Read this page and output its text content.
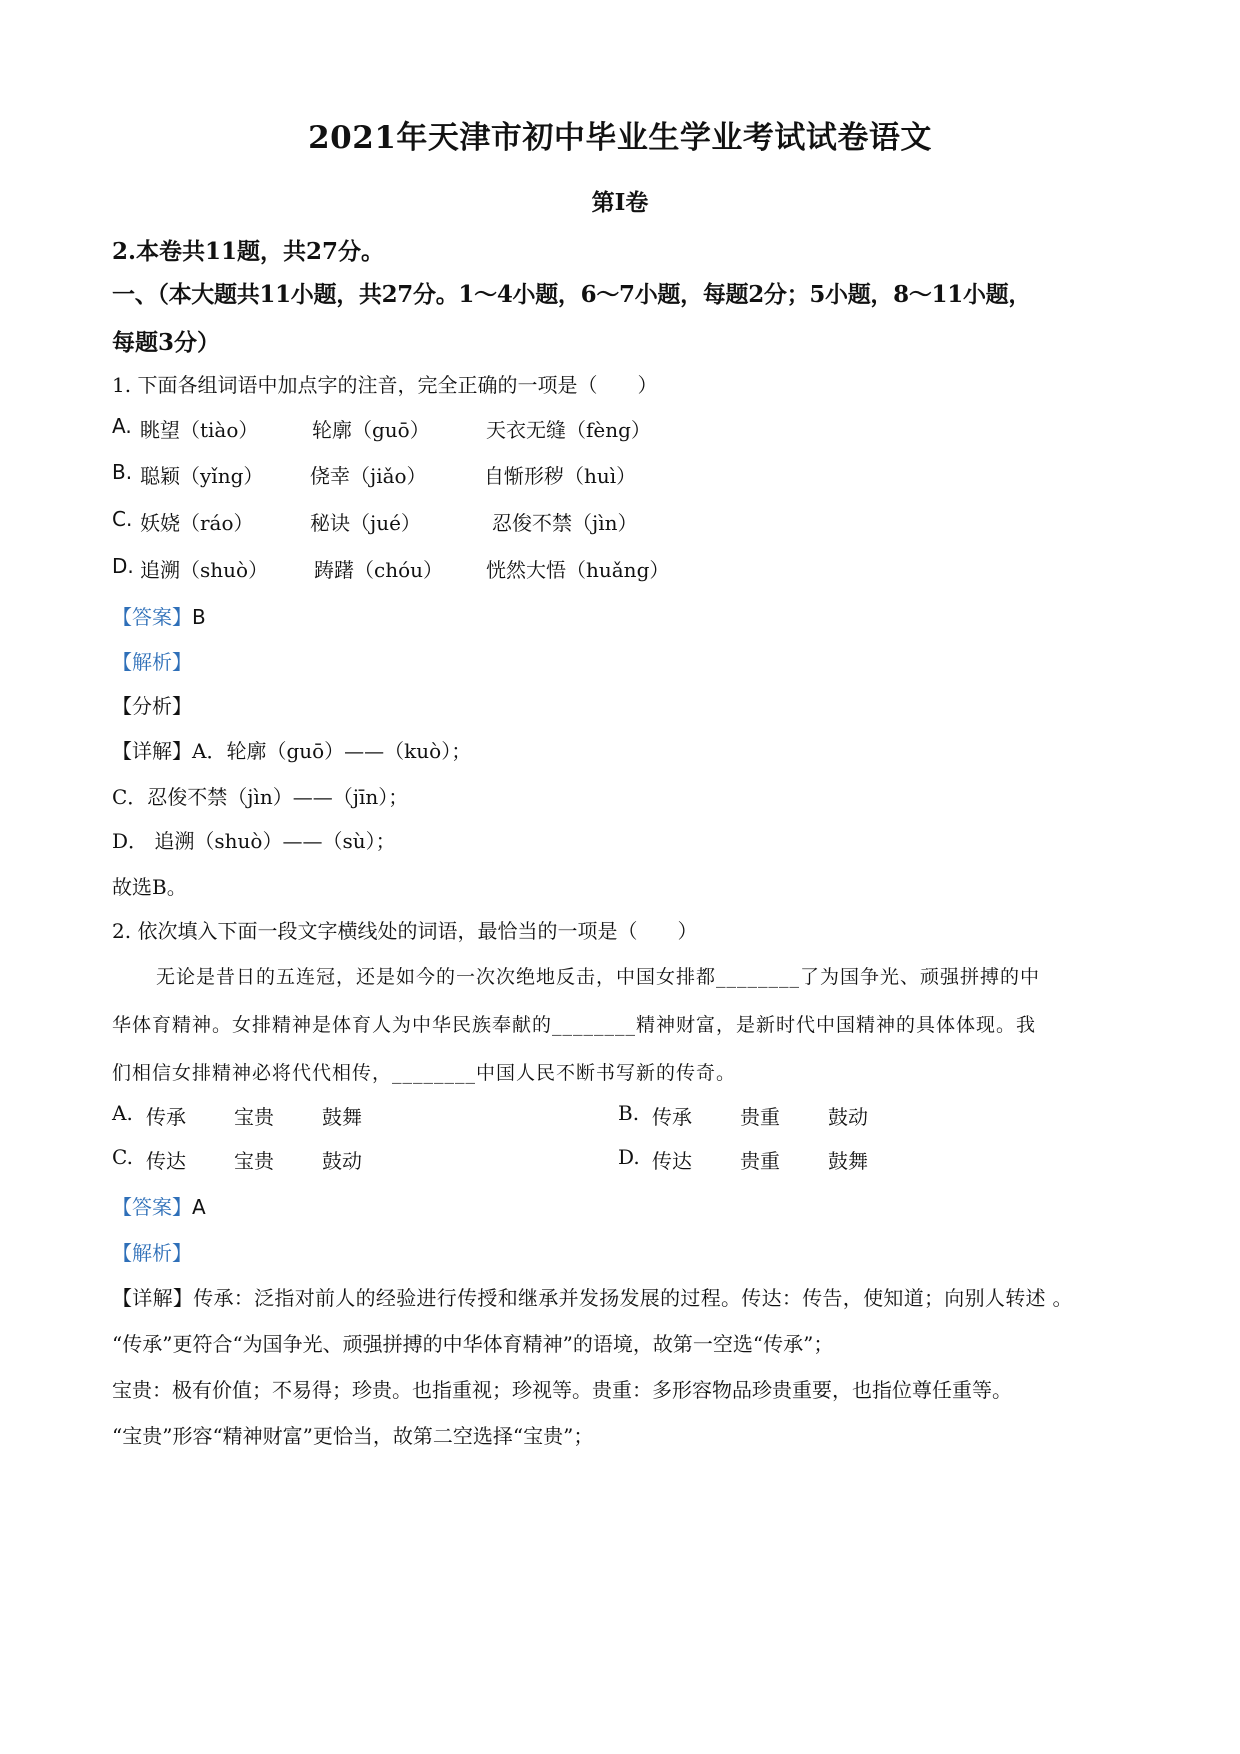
2021年天津市初中毕业生学业考试试卷语文
第Ⅰ卷
2.本卷共11题，共27分。
一、（本大题共11小题，共27分。1～4小题，6～7小题，每题2分；5小题，8～11小题，
每题3分）
1. 下面各组词语中加点字的注音，完全正确的一项是（　　）
A. 眺望（tiào）	轮廓（guō）	天衣无缝（fèng）
B. 聪颖（yǐng）	侥幸（jiǎo）	自惭形秽（huì）
C. 妖娆（ráo）	秘诀（jué）	忍俊不禁（jìn）
D. 追溯（shuò）	踌躇（chóu）	恍然大悟（huǎng）
【答案】B
【解析】
【分析】
【详解】A．轮廓（guō）——（kuò）；
C．忍俊不禁（jìn）——（jīn）；
D． 追溯（shuò）——（sù）；
故选B。
2. 依次填入下面一段文字横线处的词语，最恰当的一项是（　　）
无论是昔日的五连冠，还是如今的一次次绝地反击，中国女排都________了为国争光、顽强拼搏的中
华体育精神。女排精神是体育人为中华民族奉献的________精神财富，是新时代中国精神的具体体现。我
们相信女排精神必将代代相传，________中国人民不断书写新的传奇。
A. 传承	宝贵	鼓舞	B. 传承	贵重	鼓动
C. 传达	宝贵	鼓动	D. 传达	贵重	鼓舞
【答案】A
【解析】
【详解】传承：泛指对前人的经验进行传授和继承并发扬发展的过程。传达：传告，使知道；向别人转述 。
“传承”更符合“为国争光、顽强拼搏的中华体育精神”的语境，故第一空选“传承”；
宝贵：极有价值；不易得；珍贵。也指重视；珍视等。贵重：多形容物品珍贵重要，也指位尊任重等。
“宝贵”形容“精神财富”更恰当，故第二空选择“宝贵”；
